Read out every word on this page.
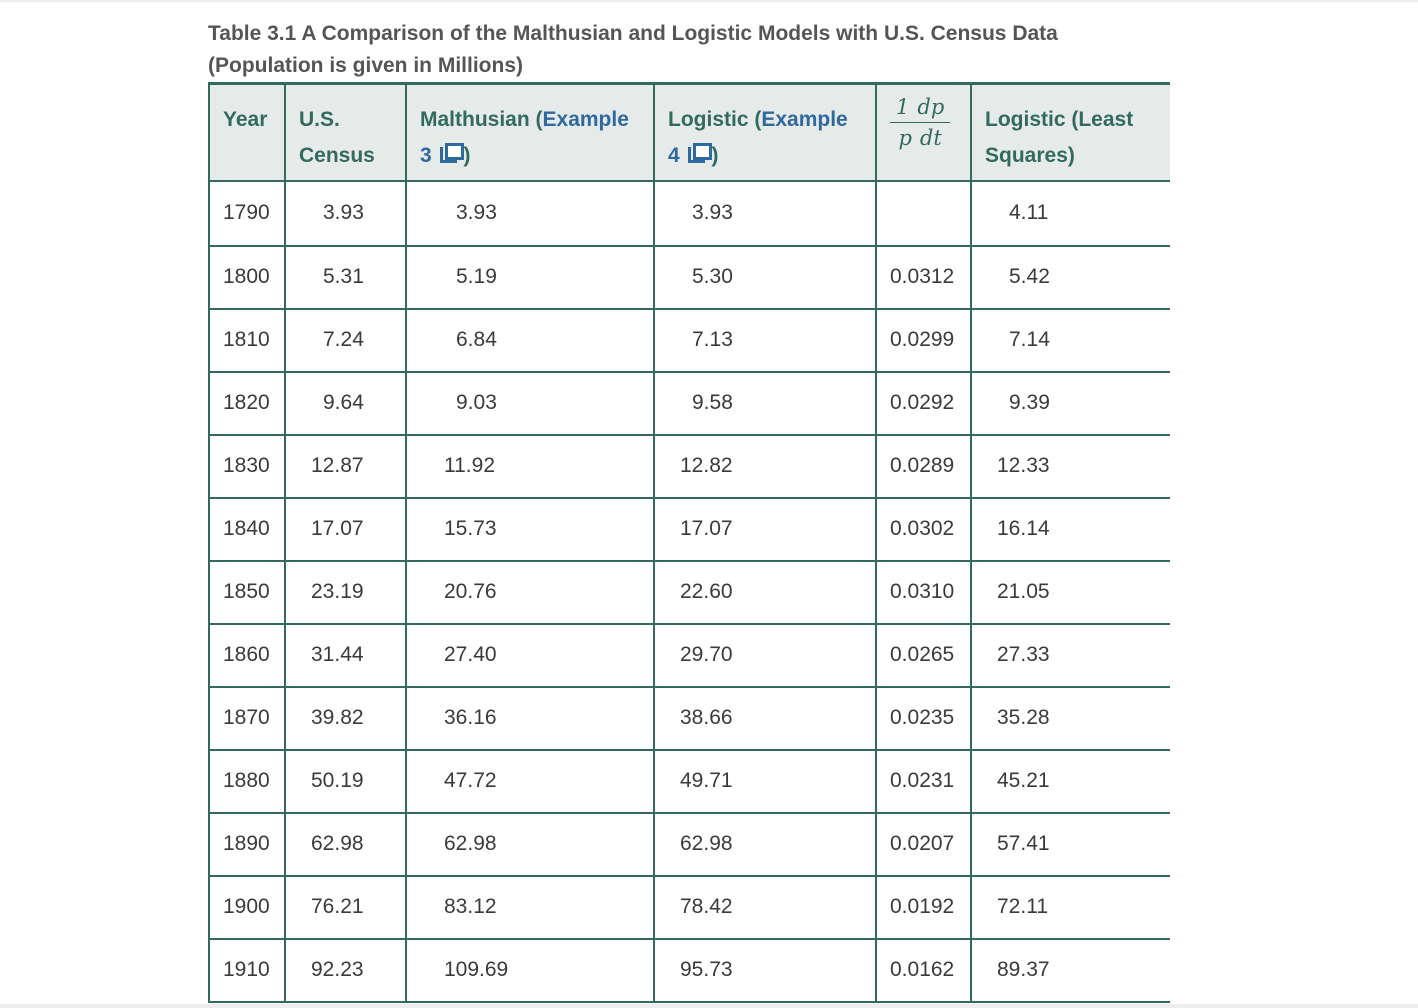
Table 3.1 A Comparison of the Malthusian and Logistic Models with U.S. Census Data (Population is given in Millions)
Year	U.S. Census	Malthusian (Example 3 )	Logistic (Example 4 )	$\frac{1 dp}{\text{p dt}}$	Logistic (Least Squares)
1790	3.93	3.93	3.93		4.11
1800	5.31	5.19	5.30	0.0312	5.42
1810	7.24	6.84	7.13	0.0299	7.14
1820	9.64	9.03	9.58	0.0292	9.39
1830	12.87	11.92	12.82	0.0289	12.33
1840	17.07	15.73	17.07	0.0302	16.14
1850	23.19	20.76	22.60	0.0310	21.05
1860	31.44	27.40	29.70	0.0265	27.33
1870	39.82	36.16	38.66	0.0235	35.28
1880	50.19	47.72	49.71	0.0231	45.21
1890	62.98	62.98	62.98	0.0207	57.41
1900	76.21	83.12	78.42	0.0192	72.11
1910	92.23	109.69	95.73	0.0162	89.37
